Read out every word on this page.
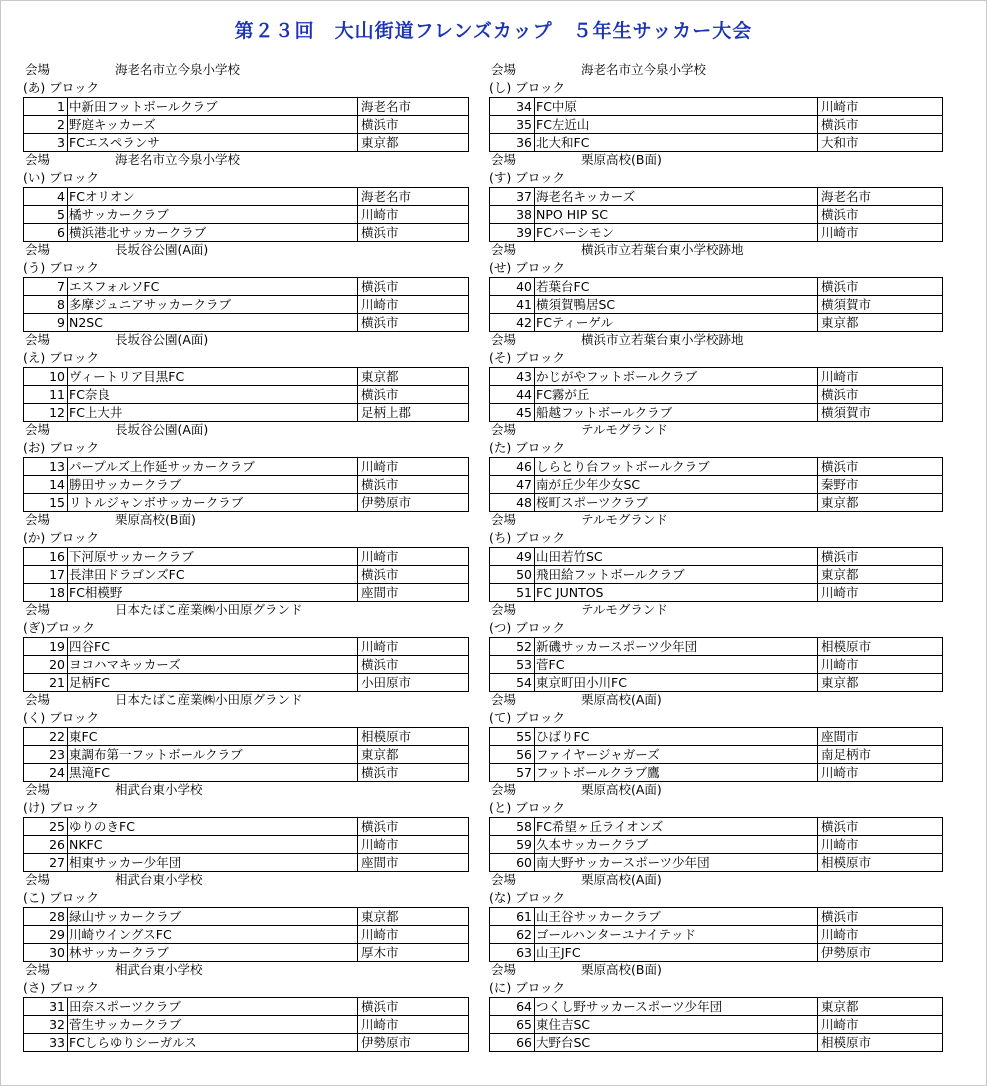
第２３回　大山街道フレンズカップ　５年生サッカー大会
会場	海老名市立今泉小学校
(あ) ブロック
1	中新田フットボールクラブ	海老名市
2	野庭キッカーズ	横浜市
3	FCエスペランサ	東京都
会場	海老名市立今泉小学校
(い) ブロック
4	FCオリオン	海老名市
5	橘サッカークラブ	川崎市
6	横浜港北サッカークラブ	横浜市
会場	長坂谷公園(A面)
(う) ブロック
7	エスフォルソFC	横浜市
8	多摩ジュニアサッカークラブ	川崎市
9	N2SC	横浜市
会場	長坂谷公園(A面)
(え) ブロック
10	ヴィートリア目黒FC	東京都
11	FC奈良	横浜市
12	FC上大井	足柄上郡
会場	長坂谷公園(A面)
(お) ブロック
13	パープルズ上作延サッカークラブ	川崎市
14	勝田サッカークラブ	横浜市
15	リトルジャンボサッカークラブ	伊勢原市
会場	栗原高校(B面)
(か) ブロック
16	下河原サッカークラブ	川崎市
17	長津田ドラゴンズFC	横浜市
18	FC相模野	座間市
会場	日本たばこ産業㈱小田原グランド
(ぎ)ブロック
19	四谷FC	川崎市
20	ヨコハマキッカーズ	横浜市
21	足柄FC	小田原市
会場	日本たばこ産業㈱小田原グランド
(く) ブロック
22	東FC	相模原市
23	東調布第一フットボールクラブ	東京都
24	黒滝FC	横浜市
会場	相武台東小学校
(け) ブロック
25	ゆりのきFC	横浜市
26	NKFC	川崎市
27	相東サッカー少年団	座間市
会場	相武台東小学校
(こ) ブロック
28	緑山サッカークラブ	東京都
29	川崎ウイングスFC	川崎市
30	林サッカークラブ	厚木市
会場	相武台東小学校
(さ) ブロック
31	田奈スポーツクラブ	横浜市
32	菅生サッカークラブ	川崎市
33	FCしらゆりシーガルス	伊勢原市
会場	海老名市立今泉小学校
(し) ブロック
34	FC中原	川崎市
35	FC左近山	横浜市
36	北大和FC	大和市
会場	栗原高校(B面)
(す) ブロック
37	海老名キッカーズ	海老名市
38	NPO HIP SC	横浜市
39	FCパーシモン	川崎市
会場	横浜市立若葉台東小学校跡地
(せ) ブロック
40	若葉台FC	横浜市
41	横須賀鴨居SC	横須賀市
42	FCティーゲル	東京都
会場	横浜市立若葉台東小学校跡地
(そ) ブロック
43	かじがやフットボールクラブ	川崎市
44	FC霧が丘	横浜市
45	船越フットボールクラブ	横須賀市
会場	テルモグランド
(た) ブロック
46	しらとり台フットボールクラブ	横浜市
47	南が丘少年少女SC	秦野市
48	桜町スポーツクラブ	東京都
会場	テルモグランド
(ち) ブロック
49	山田若竹SC	横浜市
50	飛田給フットボールクラブ	東京都
51	FC JUNTOS	川崎市
会場	テルモグランド
(つ) ブロック
52	新磯サッカースポーツ少年団	相模原市
53	菅FC	川崎市
54	東京町田小川FC	東京都
会場	栗原高校(A面)
(て) ブロック
55	ひばりFC	座間市
56	ファイヤージャガーズ	南足柄市
57	フットボールクラブ鷹	川崎市
会場	栗原高校(A面)
(と) ブロック
58	FC希望ヶ丘ライオンズ	横浜市
59	久本サッカークラブ	川崎市
60	南大野サッカースポーツ少年団	相模原市
会場	栗原高校(A面)
(な) ブロック
61	山王谷サッカークラブ	横浜市
62	ゴールハンターユナイテッド	川崎市
63	山王JFC	伊勢原市
会場	栗原高校(B面)
(に) ブロック
64	つくし野サッカースポーツ少年団	東京都
65	東住吉SC	川崎市
66	大野台SC	相模原市
